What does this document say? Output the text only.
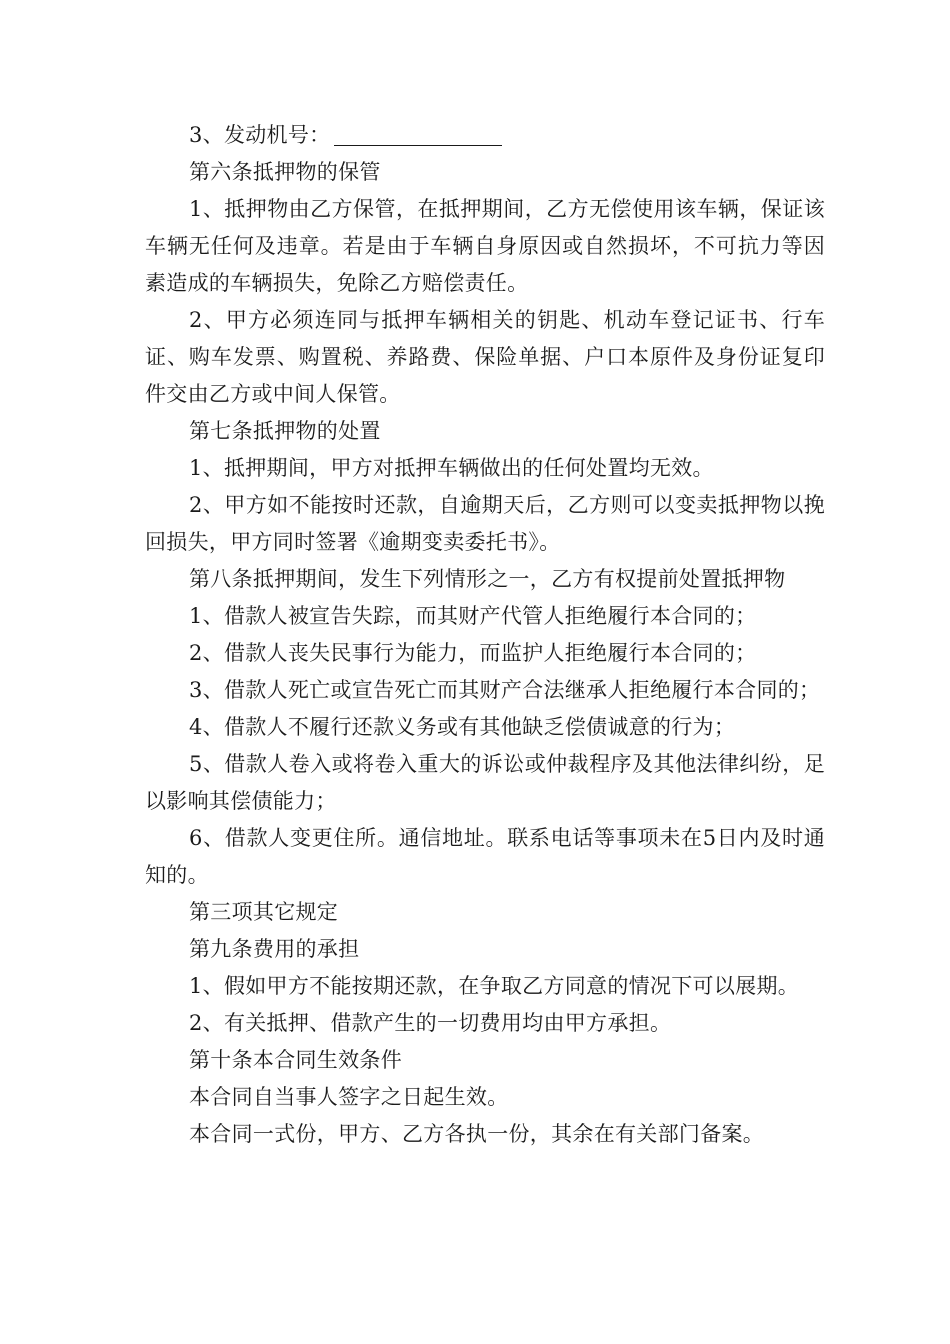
3、发动机号：

第六条抵押物的保管

1、抵押物由乙方保管，在抵押期间，乙方无偿使用该车辆，保证该车辆无任何及违章。若是由于车辆自身原因或自然损坏，不可抗力等因素造成的车辆损失，免除乙方赔偿责任。

2、甲方必须连同与抵押车辆相关的钥匙、机动车登记证书、行车证、购车发票、购置税、养路费、保险单据、户口本原件及身份证复印件交由乙方或中间人保管。

第七条抵押物的处置

1、抵押期间，甲方对抵押车辆做出的任何处置均无效。

2、甲方如不能按时还款，自逾期天后，乙方则可以变卖抵押物以挽回损失，甲方同时签署《逾期变卖委托书》。

第八条抵押期间，发生下列情形之一，乙方有权提前处置抵押物

1、借款人被宣告失踪，而其财产代管人拒绝履行本合同的；

2、借款人丧失民事行为能力，而监护人拒绝履行本合同的；

3、借款人死亡或宣告死亡而其财产合法继承人拒绝履行本合同的；

4、借款人不履行还款义务或有其他缺乏偿债诚意的行为；

5、借款人卷入或将卷入重大的诉讼或仲裁程序及其他法律纠纷，足以影响其偿债能力；

6、借款人变更住所。通信地址。联系电话等事项未在5日内及时通知的。

第三项其它规定

第九条费用的承担

1、假如甲方不能按期还款，在争取乙方同意的情况下可以展期。

2、有关抵押、借款产生的一切费用均由甲方承担。

第十条本合同生效条件

本合同自当事人签字之日起生效。

本合同一式份，甲方、乙方各执一份，其余在有关部门备案。
